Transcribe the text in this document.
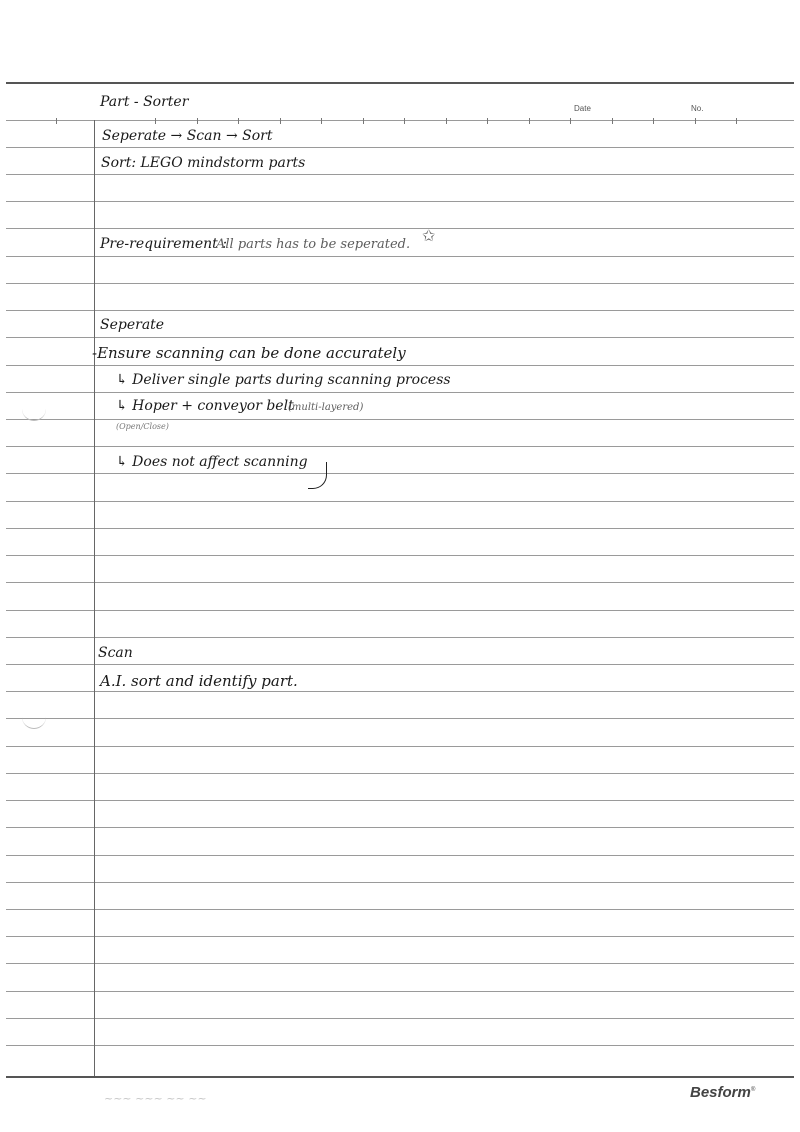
Part - Sorter	Date	No.
Seperate → Scan → Sort
Sort: LEGO mindstorm parts
Pre-requirement :
All parts has to be seperated. ✩
Seperate
-Ensure scanning can be done accurately
↳ Deliver single parts during scanning process
↳ Hoper + conveyor belt
(multi-layered)
(Open/Close)
↳ Does not affect scanning
Scan
A.I. sort and identify part.
~~~ ~~~ ~~ ~~	Besform®
